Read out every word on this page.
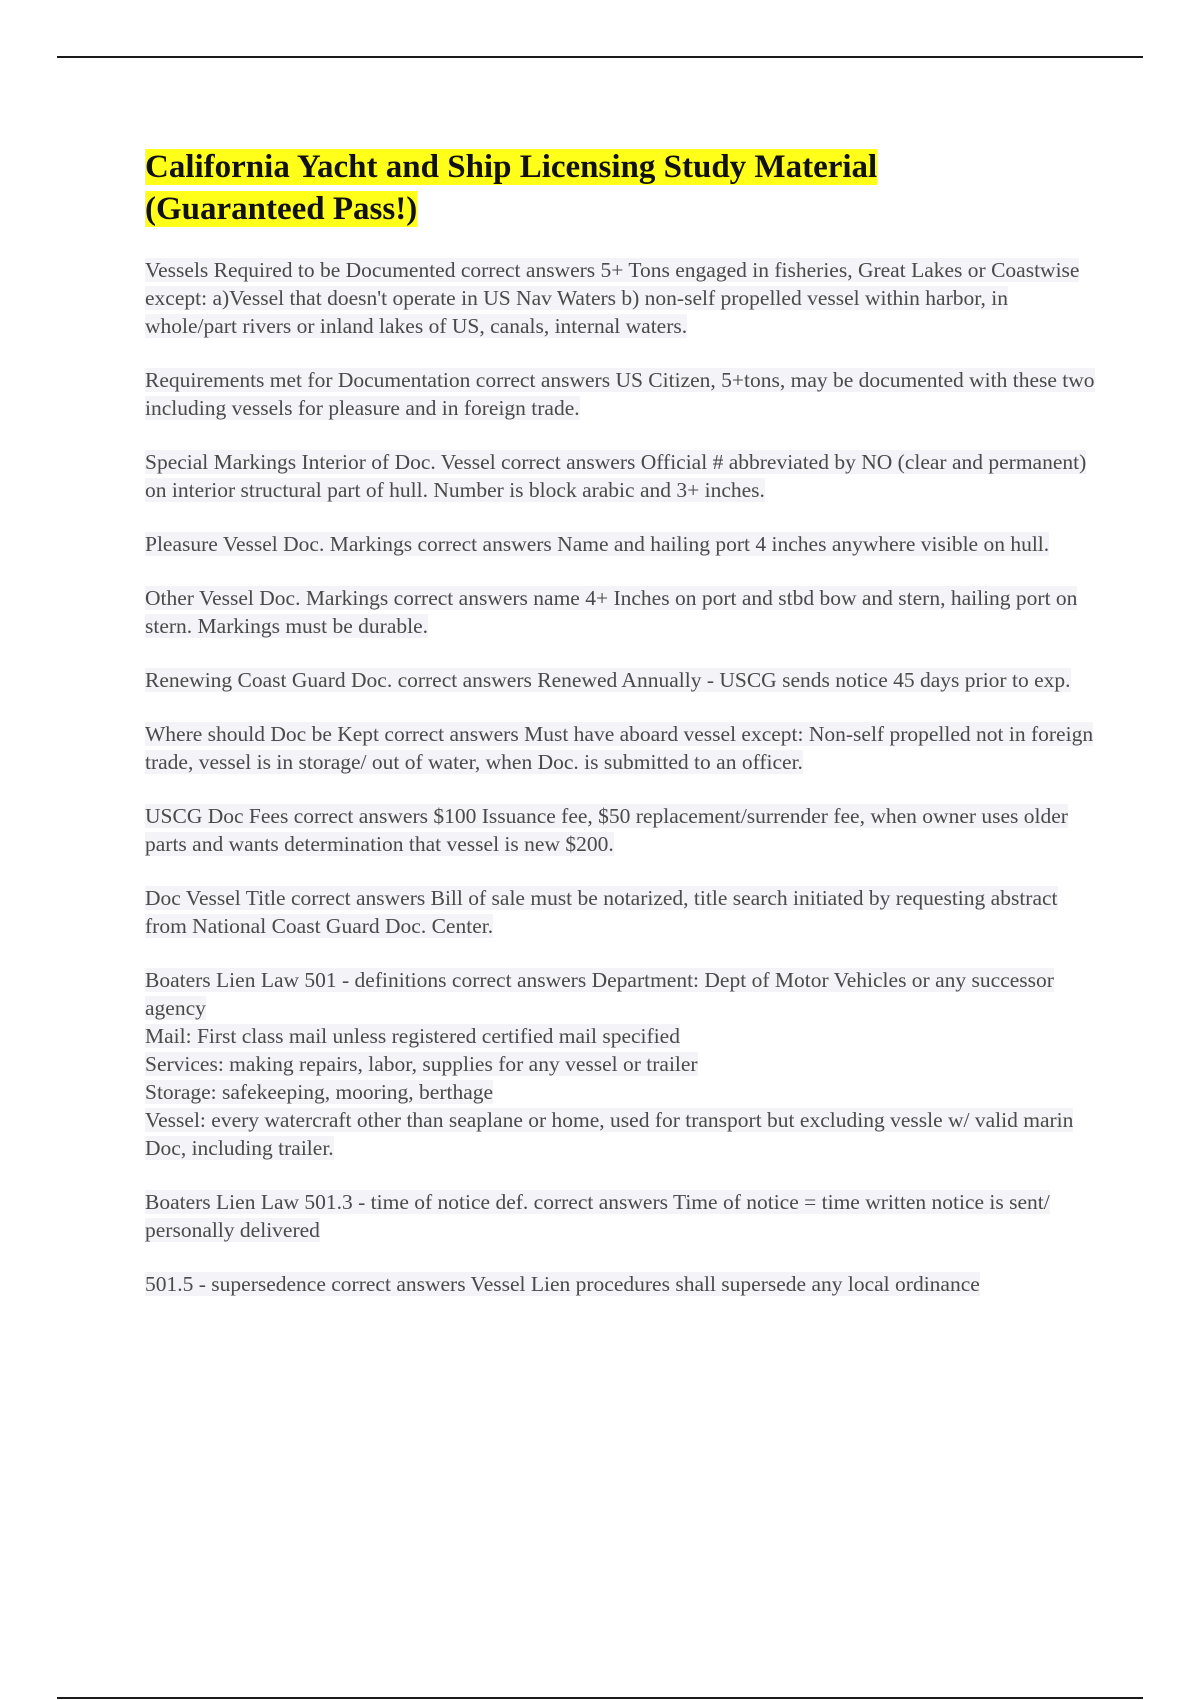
California Yacht and Ship Licensing Study Material
(Guaranteed Pass!)

Vessels Required to be Documented correct answers 5+ Tons engaged in fisheries, Great Lakes or Coastwise except: a)Vessel that doesn't operate in US Nav Waters b) non-self propelled vessel within harbor, in whole/part rivers or inland lakes of US, canals, internal waters.

Requirements met for Documentation correct answers US Citizen, 5+tons, may be documented with these two including vessels for pleasure and in foreign trade.

Special Markings Interior of Doc. Vessel correct answers Official # abbreviated by NO (clear and permanent) on interior structural part of hull. Number is block arabic and 3+ inches.

Pleasure Vessel Doc. Markings correct answers Name and hailing port 4 inches anywhere visible on hull.

Other Vessel Doc. Markings correct answers name 4+ Inches on port and stbd bow and stern, hailing port on stern. Markings must be durable.

Renewing Coast Guard Doc. correct answers Renewed Annually - USCG sends notice 45 days prior to exp.

Where should Doc be Kept correct answers Must have aboard vessel except: Non-self propelled not in foreign trade, vessel is in storage/ out of water, when Doc. is submitted to an officer.

USCG Doc Fees correct answers $100 Issuance fee, $50 replacement/surrender fee, when owner uses older parts and wants determination that vessel is new $200.

Doc Vessel Title correct answers Bill of sale must be notarized, title search initiated by requesting abstract from National Coast Guard Doc. Center.

Boaters Lien Law 501 - definitions correct answers Department: Dept of Motor Vehicles or any successor agency
Mail: First class mail unless registered certified mail specified
Services: making repairs, labor, supplies for any vessel or trailer
Storage: safekeeping, mooring, berthage
Vessel: every watercraft other than seaplane or home, used for transport but excluding vessle w/ valid marin Doc, including trailer.

Boaters Lien Law 501.3 - time of notice def. correct answers Time of notice = time written notice is sent/ personally delivered

501.5 - supersedence correct answers Vessel Lien procedures shall supersede any local ordinance
